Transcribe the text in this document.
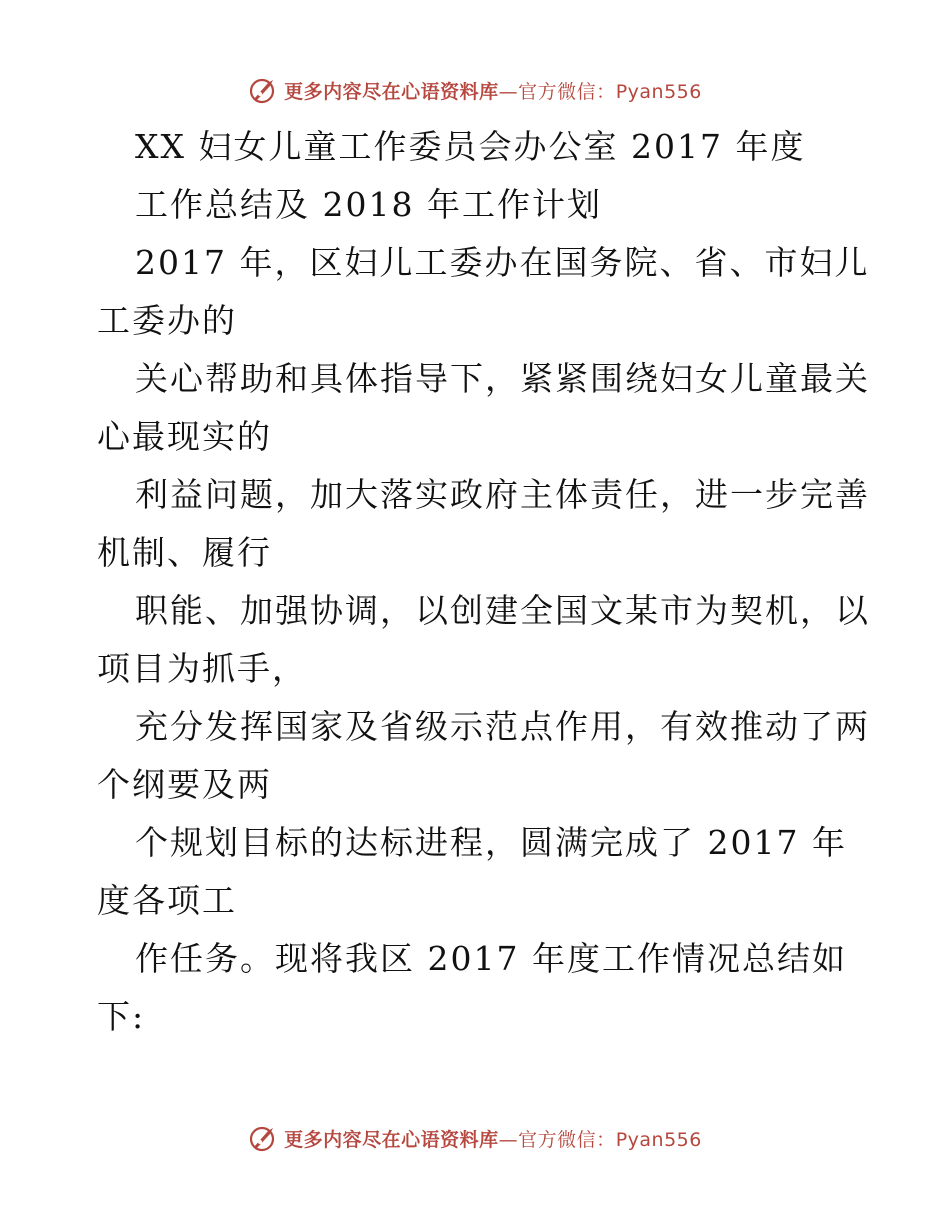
更多内容尽在心语资料库—官方微信：Pyan556
XX 妇女儿童工作委员会办公室 2017 年度
工作总结及 2018 年工作计划
2017 年，区妇儿工委办在国务院、省、市妇儿
工委办的
关心帮助和具体指导下，紧紧围绕妇女儿童最关
心最现实的
利益问题，加大落实政府主体责任，进一步完善
机制、履行
职能、加强协调，以创建全国文某市为契机，以
项目为抓手，
充分发挥国家及省级示范点作用，有效推动了两
个纲要及两
个规划目标的达标进程，圆满完成了 2017 年
度各项工
作任务。现将我区 2017 年度工作情况总结如
下:
更多内容尽在心语资料库—官方微信：Pyan556
